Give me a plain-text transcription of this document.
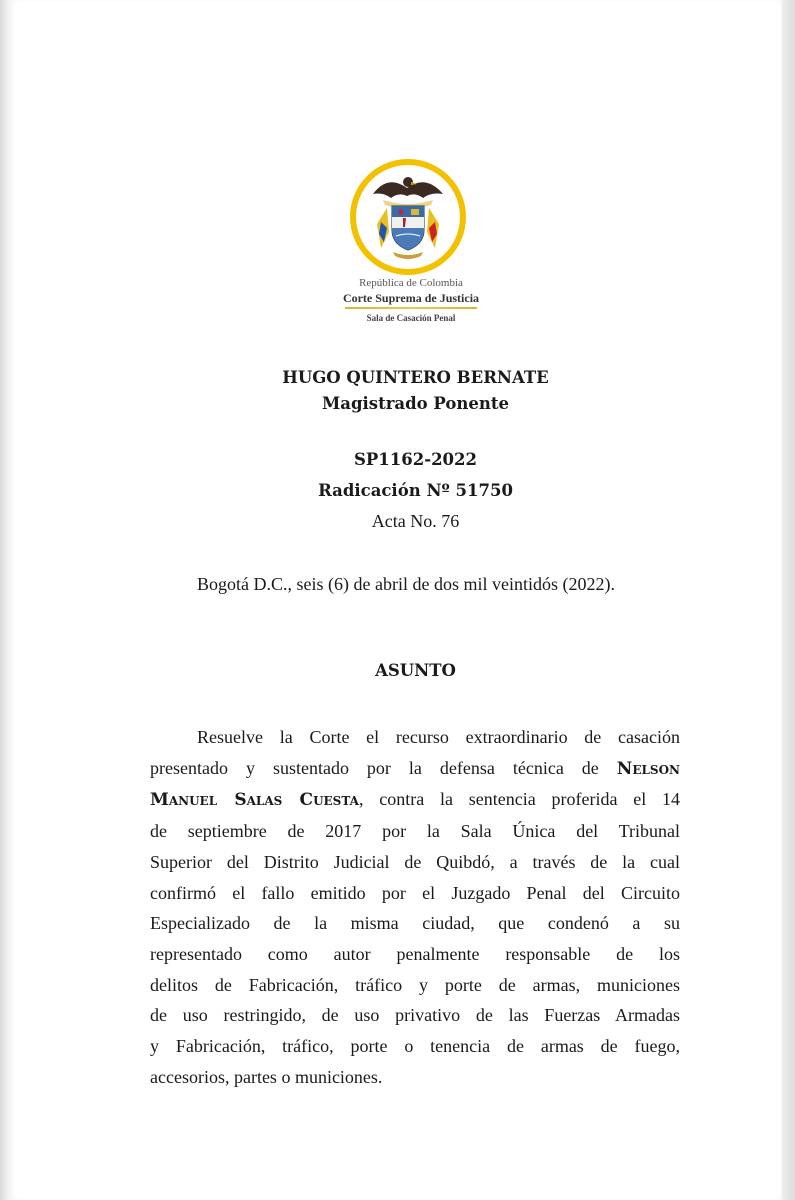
República de Colombia
Corte Suprema de Justicia
Sala de Casación Penal
HUGO QUINTERO BERNATE
Magistrado Ponente
SP1162-2022
Radicación Nº 51750
Acta No. 76
Bogotá D.C., seis (6) de abril de dos mil veintidós (2022).
ASUNTO
Resuelve la Corte el recurso extraordinario de casación
presentado y sustentado por la defensa técnica de Nelson
Manuel Salas Cuesta, contra la sentencia proferida el 14
de septiembre de 2017 por la Sala Única del Tribunal
Superior del Distrito Judicial de Quibdó, a través de la cual
confirmó el fallo emitido por el Juzgado Penal del Circuito
Especializado de la misma ciudad, que condenó a su
representado como autor penalmente responsable de los
delitos de Fabricación, tráfico y porte de armas, municiones
de uso restringido, de uso privativo de las Fuerzas Armadas
y Fabricación, tráfico, porte o tenencia de armas de fuego,
accesorios, partes o municiones.
